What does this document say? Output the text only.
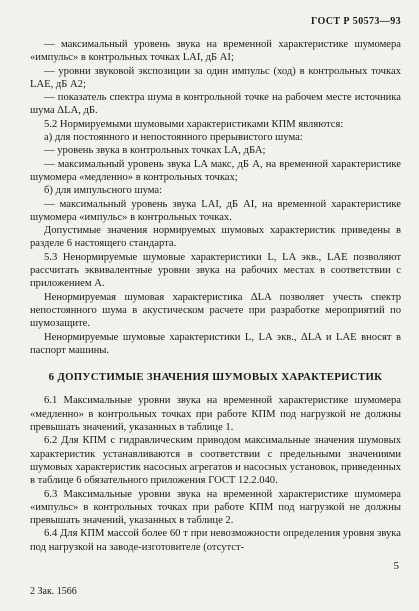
ГОСТ Р 50573—93

— максимальный уровень звука на временной характеристике шумомера «импульс» в контрольных точках LAI, дБ AI;

— уровни звуковой экспозиции за один импульс (ход) в контрольных точках LAE, дБ A2;

— показатель спектра шума в контрольной точке на рабочем месте источника шума ΔLA, дБ.

5.2 Нормируемыми шумовыми характеристиками КПМ являются:

а) для постоянного и непостоянного прерывистого шума:

— уровень звука в контрольных точках LA, дБА;

— максимальный уровень звука LA макс, дБ А, на временной характеристике шумомера «медленно» в контрольных точках;

б) для импульсного шума:

— максимальный уровень звука LAI, дБ AI, на временной характеристике шумомера «импульс» в контрольных точках.

Допустимые значения нормируемых шумовых характеристик приведены в разделе 6 настоящего стандарта.

5.3 Ненормируемые шумовые характеристики L, LA экв., LAE позволяют рассчитать эквивалентные уровни звука на рабочих местах в соответствии с приложением А.

Ненормируемая шумовая характеристика ΔLA позволяет учесть спектр непостоянного шума в акустическом расчете при разработке мероприятий по шумозащите.

Ненормируемые шумовые характеристики L, LA экв., ΔLA и LAE вносят в паспорт машины.

6 ДОПУСТИМЫЕ ЗНАЧЕНИЯ ШУМОВЫХ ХАРАКТЕРИСТИК

6.1 Максимальные уровни звука на временной характеристике шумомера «медленно» в контрольных точках при работе КПМ под нагрузкой не должны превышать значений, указанных в таблице 1.

6.2 Для КПМ с гидравлическим приводом максимальные значения шумовых характеристик устанавливаются в соответствии с предельными значениями шумовых характеристик насосных агрегатов и насосных установок, приведенных в таблице 6 обязательного приложения ГОСТ 12.2.040.

6.3 Максимальные уровни звука на временной характеристике шумомера «импульс» в контрольных точках при работе КПМ под нагрузкой не должны превышать значений, указанных в таблице 2.

6.4 Для КПМ массой более 60 т при невозможности определения уровня звука под нагрузкой на заводе-изготовителе (отсутст-

5
2 Зак. 1566
